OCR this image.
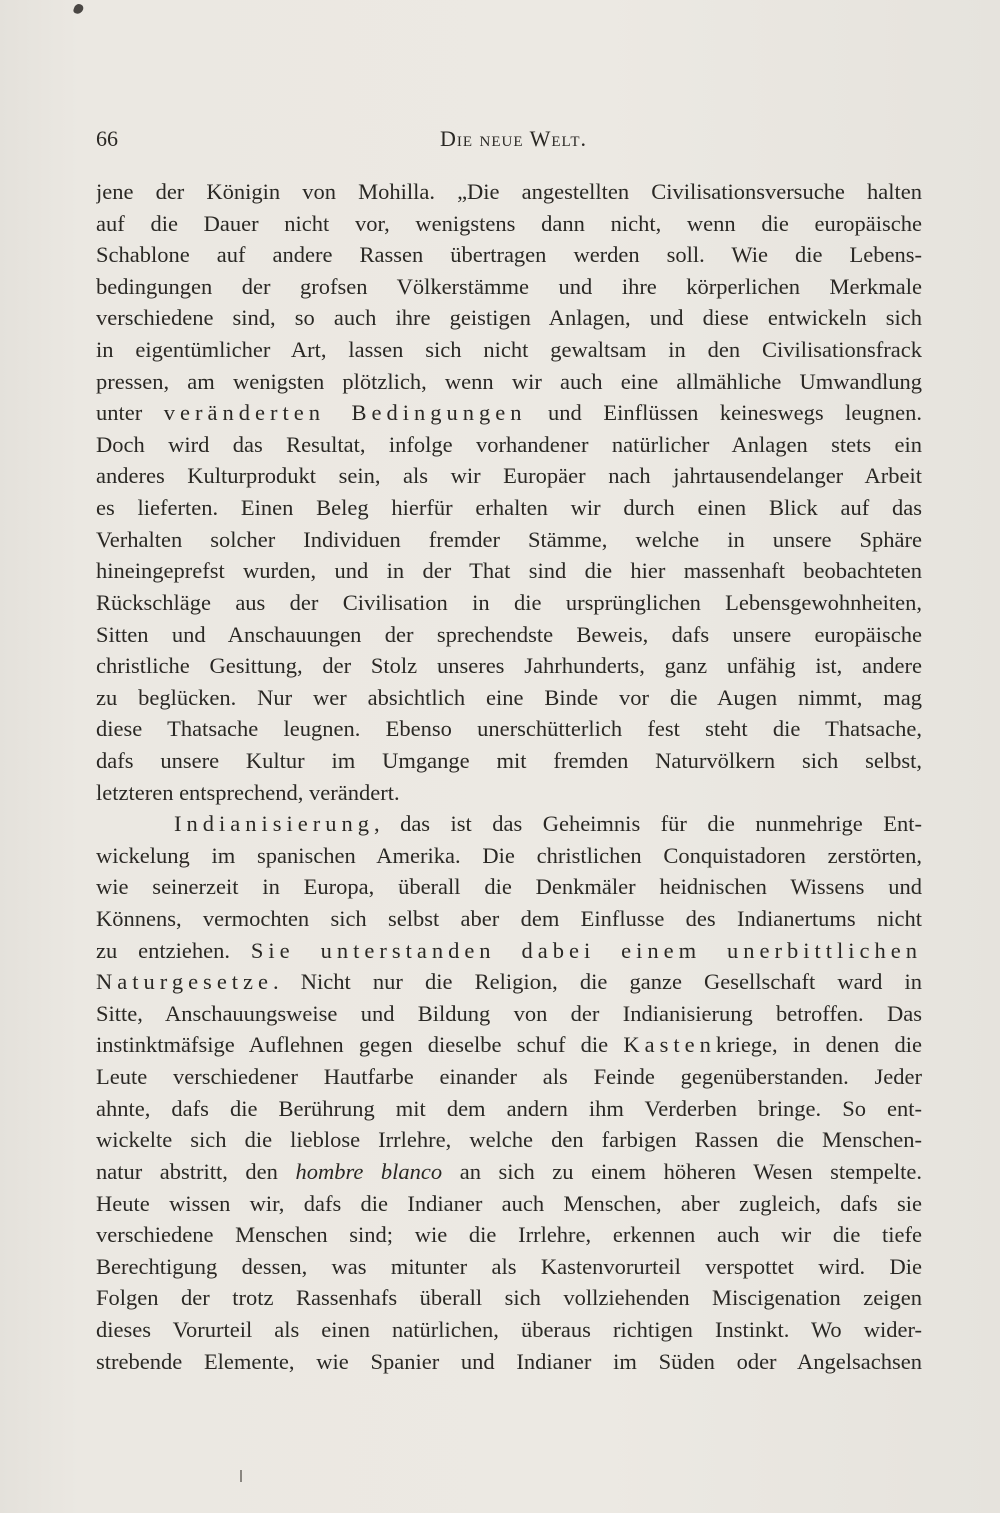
66	Die neue Welt.
jene der Königin von Mohilla. „Die angestellten Civilisationsversuche halten
auf die Dauer nicht vor, wenigstens dann nicht, wenn die europäische
Schablone auf andere Rassen übertragen werden soll. Wie die Lebens-
bedingungen der grofsen Völkerstämme und ihre körperlichen Merkmale
verschiedene sind, so auch ihre geistigen Anlagen, und diese entwickeln sich
in eigentümlicher Art, lassen sich nicht gewaltsam in den Civilisationsfrack
pressen, am wenigsten plötzlich, wenn wir auch eine allmähliche Umwandlung
unter veränderten Bedingungen und Einflüssen keineswegs leugnen.
Doch wird das Resultat, infolge vorhandener natürlicher Anlagen stets ein
anderes Kulturprodukt sein, als wir Europäer nach jahrtausendelanger Arbeit
es lieferten. Einen Beleg hierfür erhalten wir durch einen Blick auf das
Verhalten solcher Individuen fremder Stämme, welche in unsere Sphäre
hineingeprefst wurden, und in der That sind die hier massenhaft beobachteten
Rückschläge aus der Civilisation in die ursprünglichen Lebensgewohnheiten,
Sitten und Anschauungen der sprechendste Beweis, dafs unsere europäische
christliche Gesittung, der Stolz unseres Jahrhunderts, ganz unfähig ist, andere
zu beglücken. Nur wer absichtlich eine Binde vor die Augen nimmt, mag
diese Thatsache leugnen. Ebenso unerschütterlich fest steht die Thatsache,
dafs unsere Kultur im Umgange mit fremden Naturvölkern sich selbst,
letzteren entsprechend, verändert.
Indianisierung, das ist das Geheimnis für die nunmehrige Ent-
wickelung im spanischen Amerika. Die christlichen Conquistadoren zerstörten,
wie seinerzeit in Europa, überall die Denkmäler heidnischen Wissens und
Könnens, vermochten sich selbst aber dem Einflusse des Indianertums nicht
zu entziehen. Sie unterstanden dabei einem unerbittlichen
Naturgesetze. Nicht nur die Religion, die ganze Gesellschaft ward in
Sitte, Anschauungsweise und Bildung von der Indianisierung betroffen. Das
instinktmäfsige Auflehnen gegen dieselbe schuf die Kastenkriege, in denen die
Leute verschiedener Hautfarbe einander als Feinde gegenüberstanden. Jeder
ahnte, dafs die Berührung mit dem andern ihm Verderben bringe. So ent-
wickelte sich die lieblose Irrlehre, welche den farbigen Rassen die Menschen-
natur abstritt, den hombre blanco an sich zu einem höheren Wesen stempelte.
Heute wissen wir, dafs die Indianer auch Menschen, aber zugleich, dafs sie
verschiedene Menschen sind; wie die Irrlehre, erkennen auch wir die tiefe
Berechtigung dessen, was mitunter als Kastenvorurteil verspottet wird. Die
Folgen der trotz Rassenhafs überall sich vollziehenden Miscigenation zeigen
dieses Vorurteil als einen natürlichen, überaus richtigen Instinkt. Wo wider-
strebende Elemente, wie Spanier und Indianer im Süden oder Angelsachsen
